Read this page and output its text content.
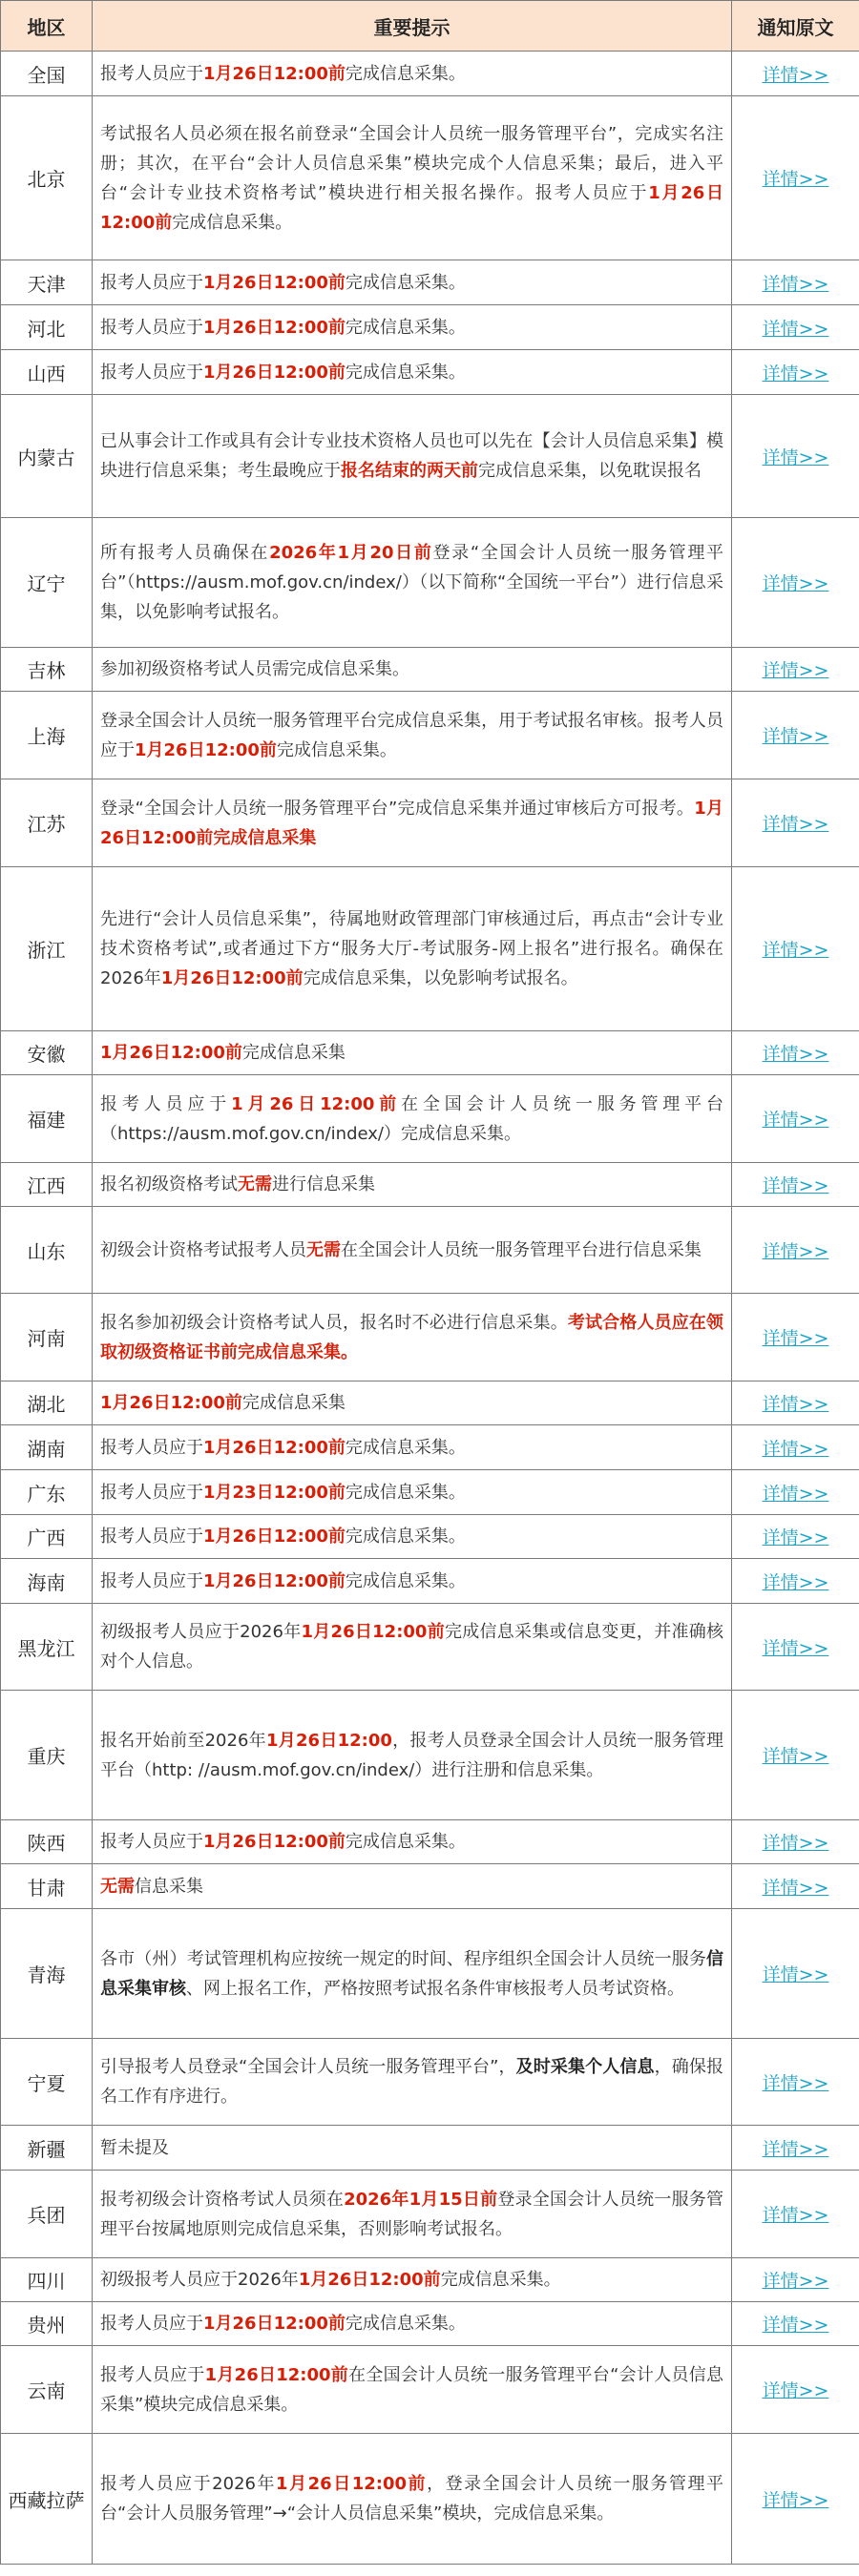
地区	重要提示	通知原文
全国	报考人员应于1月26日12:00前完成信息采集。	详情>>
北京	考试报名人员必须在报名前登录“全国会计人员统一服务管理平台”，完成实名注册；其次，在平台“会计人员信息采集”模块完成个人信息采集；最后，进入平台“会计专业技术资格考试”模块进行相关报名操作。报考人员应于1月26日12:00前完成信息采集。	详情>>
天津	报考人员应于1月26日12:00前完成信息采集。	详情>>
河北	报考人员应于1月26日12:00前完成信息采集。	详情>>
山西	报考人员应于1月26日12:00前完成信息采集。	详情>>
内蒙古	已从事会计工作或具有会计专业技术资格人员也可以先在【会计人员信息采集】模块进行信息采集；考生最晚应于报名结束的两天前完成信息采集，以免耽误报名	详情>>
辽宁	所有报考人员确保在2026年1月20日前登录“全国会计人员统一服务管理平台”（https://ausm.mof.gov.cn/index/）（以下简称“全国统一平台”）进行信息采集，以免影响考试报名。	详情>>
吉林	参加初级资格考试人员需完成信息采集。	详情>>
上海	登录全国会计人员统一服务管理平台完成信息采集，用于考试报名审核。报考人员应于1月26日12:00前完成信息采集。	详情>>
江苏	登录“全国会计人员统一服务管理平台”完成信息采集并通过审核后方可报考。1月26日12:00前完成信息采集	详情>>
浙江	先进行“会计人员信息采集”，待属地财政管理部门审核通过后，再点击“会计专业技术资格考试”,或者通过下方“服务大厅-考试服务-网上报名”进行报名。确保在2026年1月26日12:00前完成信息采集，以免影响考试报名。	详情>>
安徽	1月26日12:00前完成信息采集	详情>>
福建	报考人员应于1月26日12:00前在全国会计人员统一服务管理平台（https://ausm.mof.gov.cn/index/）完成信息采集。	详情>>
江西	报名初级资格考试无需进行信息采集	详情>>
山东	初级会计资格考试报考人员无需在全国会计人员统一服务管理平台进行信息采集	详情>>
河南	报名参加初级会计资格考试人员，报名时不必进行信息采集。考试合格人员应在领取初级资格证书前完成信息采集。	详情>>
湖北	1月26日12:00前完成信息采集	详情>>
湖南	报考人员应于1月26日12:00前完成信息采集。	详情>>
广东	报考人员应于1月23日12:00前完成信息采集。	详情>>
广西	报考人员应于1月26日12:00前完成信息采集。	详情>>
海南	报考人员应于1月26日12:00前完成信息采集。	详情>>
黑龙江	初级报考人员应于2026年1月26日12:00前完成信息采集或信息变更，并准确核对个人信息。	详情>>
重庆	报名开始前至2026年1月26日12:00，报考人员登录全国会计人员统一服务管理平台（http: //ausm.mof.gov.cn/index/）进行注册和信息采集。	详情>>
陕西	报考人员应于1月26日12:00前完成信息采集。	详情>>
甘肃	无需信息采集	详情>>
青海	各市（州）考试管理机构应按统一规定的时间、程序组织全国会计人员统一服务信息采集审核、网上报名工作，严格按照考试报名条件审核报考人员考试资格。	详情>>
宁夏	引导报考人员登录“全国会计人员统一服务管理平台”，及时采集个人信息，确保报名工作有序进行。	详情>>
新疆	暂未提及	详情>>
兵团	报考初级会计资格考试人员须在2026年1月15日前登录全国会计人员统一服务管理平台按属地原则完成信息采集，否则影响考试报名。	详情>>
四川	初级报考人员应于2026年1月26日12:00前完成信息采集。	详情>>
贵州	报考人员应于1月26日12:00前完成信息采集。	详情>>
云南	报考人员应于1月26日12:00前在全国会计人员统一服务管理平台“会计人员信息采集”模块完成信息采集。	详情>>
西藏拉萨	报考人员应于2026年1月26日12:00前，登录全国会计人员统一服务管理平台“会计人员服务管理”→“会计人员信息采集”模块，完成信息采集。	详情>>
